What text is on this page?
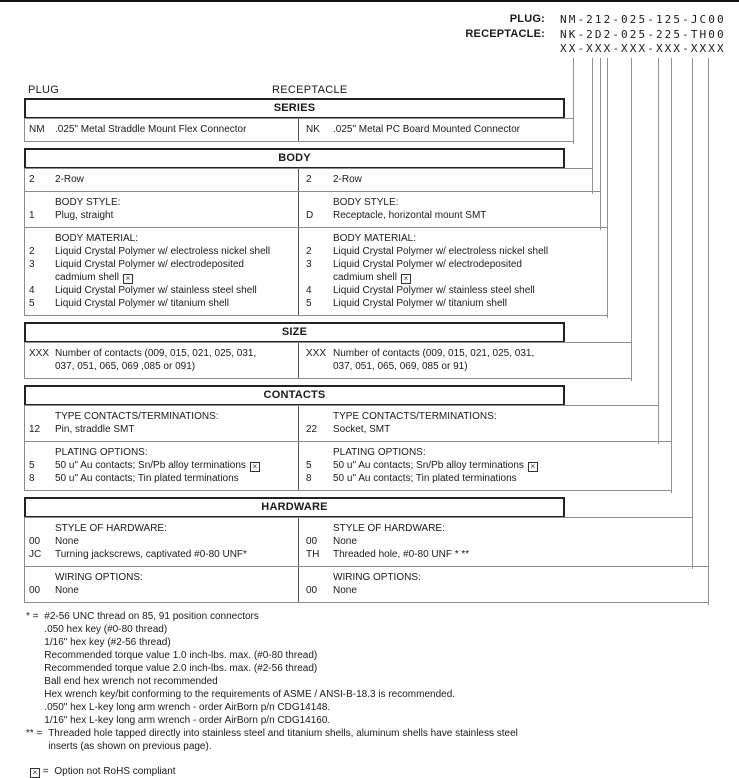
PLUG: NM-212-025-125-JC00
RECEPTACLE: NK-2D2-025-225-TH00
XX-XXX-XXX-XXX-XXXX
PLUG	RECEPTACLE
SERIES
NM	.025" Metal Straddle Mount Flex Connector	NK	.025" Metal PC Board Mounted Connector
BODY
2	2-Row	2	2-Row
BODY STYLE:
1	Plug, straight
BODY STYLE:
D	Receptacle, horizontal mount SMT
BODY MATERIAL:
2	Liquid Crystal Polymer w/ electroless nickel shell
3	Liquid Crystal Polymer w/ electrodeposited
cadmium shell ×
4	Liquid Crystal Polymer w/ stainless steel shell
5	Liquid Crystal Polymer w/ titanium shell
BODY MATERIAL:
2	Liquid Crystal Polymer w/ electroless nickel shell
3	Liquid Crystal Polymer w/ electrodeposited
cadmium shell ×
4	Liquid Crystal Polymer w/ stainless steel shell
5	Liquid Crystal Polymer w/ titanium shell
SIZE
XXX Number of contacts (009, 015, 021, 025, 031,
037, 051, 065, 069 ,085 or 091)
XXX Number of contacts (009, 015, 021, 025, 031,
037, 051, 065, 069, 085 or 91)
CONTACTS
TYPE CONTACTS/TERMINATIONS:
12	Pin, straddle SMT
TYPE CONTACTS/TERMINATIONS:
22	Socket, SMT
PLATING OPTIONS:
5	50 u" Au contacts; Sn/Pb alloy terminations ×
8	50 u" Au contacts; Tin plated terminations
PLATING OPTIONS:
5	50 u" Au contacts; Sn/Pb alloy terminations ×
8	50 u" Au contacts; Tin plated terminations
HARDWARE
STYLE OF HARDWARE:
00	None
JC	Turning jackscrews, captivated #0-80 UNF*
STYLE OF HARDWARE:
00	None
TH	Threaded hole, #0-80 UNF * **
WIRING OPTIONS:
00	None
WIRING OPTIONS:
00	None
* = #2-56 UNC thread on 85, 91 position connectors
.050 hex key (#0-80 thread)
1/16" hex key (#2-56 thread)
Recommended torque value 1.0 inch-lbs. max. (#0-80 thread)
Recommended torque value 2.0 inch-lbs. max. (#2-56 thread)
Ball end hex wrench not recommended
Hex wrench key/bit conforming to the requirements of ASME / ANSI-B-18.3 is recommended.
.050" hex L-key long arm wrench - order AirBorn p/n CDG14148.
1/16" hex L-key long arm wrench - order AirBorn p/n CDG14160.
** = Threaded hole tapped directly into stainless steel and titanium shells, aluminum shells have stainless steel
inserts (as shown on previous page).
× = Option not RoHS compliant
